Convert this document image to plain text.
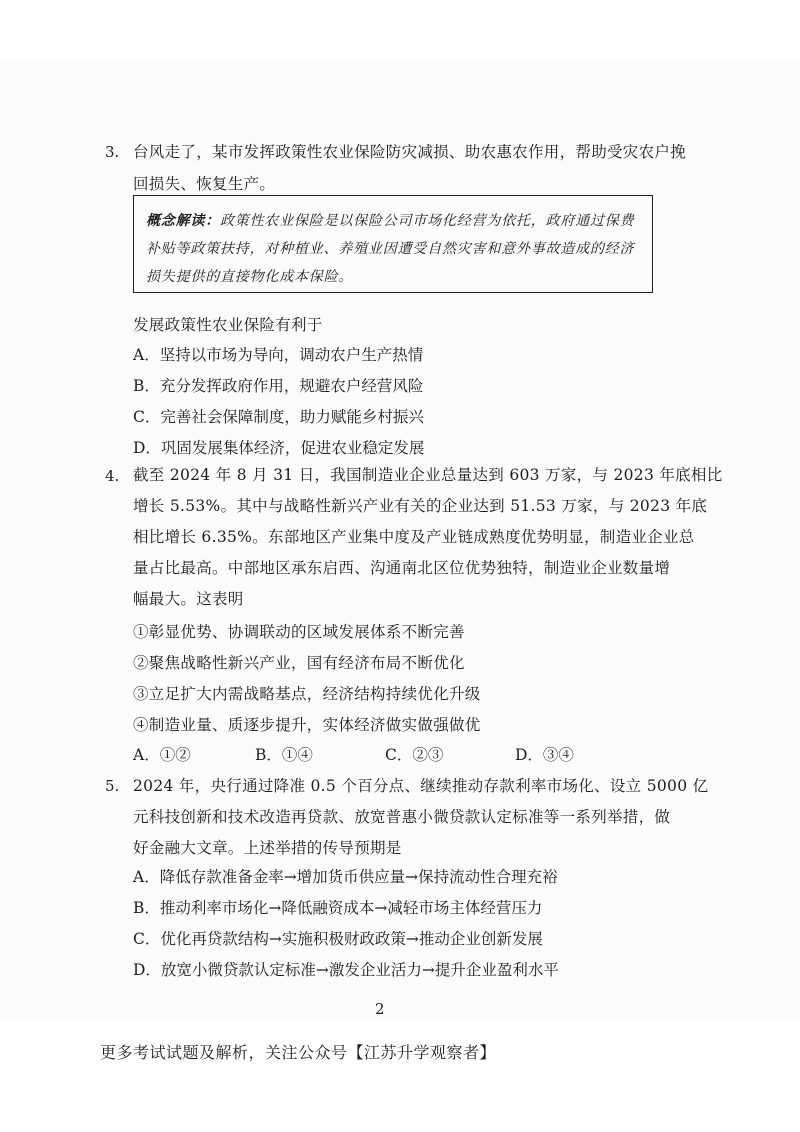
3. 台风走了，某市发挥政策性农业保险防灾减损、助农惠农作用，帮助受灾农户挽
回损失、恢复生产。
概念解读：政策性农业保险是以保险公司市场化经营为依托，政府通过保费
补贴等政策扶持，对种植业、养殖业因遭受自然灾害和意外事故造成的经济
损失提供的直接物化成本保险。
发展政策性农业保险有利于
A．坚持以市场为导向，调动农户生产热情
B．充分发挥政府作用，规避农户经营风险
C．完善社会保障制度，助力赋能乡村振兴
D．巩固发展集体经济，促进农业稳定发展
4. 截至 2024 年 8 月 31 日，我国制造业企业总量达到 603 万家，与 2023 年底相比
增长 5.53%。其中与战略性新兴产业有关的企业达到 51.53 万家，与 2023 年底
相比增长 6.35%。东部地区产业集中度及产业链成熟度优势明显，制造业企业总
量占比最高。中部地区承东启西、沟通南北区位优势独特，制造业企业数量增
幅最大。这表明
①彰显优势、协调联动的区域发展体系不断完善
②聚焦战略性新兴产业，国有经济布局不断优化
③立足扩大内需战略基点，经济结构持续优化升级
④制造业量、质逐步提升，实体经济做实做强做优
A．①②	B．①④	C．②③	D．③④
5. 2024 年，央行通过降准 0.5 个百分点、继续推动存款利率市场化、设立 5000 亿
元科技创新和技术改造再贷款、放宽普惠小微贷款认定标准等一系列举措，做
好金融大文章。上述举措的传导预期是
A．降低存款准备金率→增加货币供应量→保持流动性合理充裕
B．推动利率市场化→降低融资成本→减轻市场主体经营压力
C．优化再贷款结构→实施积极财政政策→推动企业创新发展
D．放宽小微贷款认定标准→激发企业活力→提升企业盈利水平
2
更多考试试题及解析，关注公众号【江苏升学观察者】
